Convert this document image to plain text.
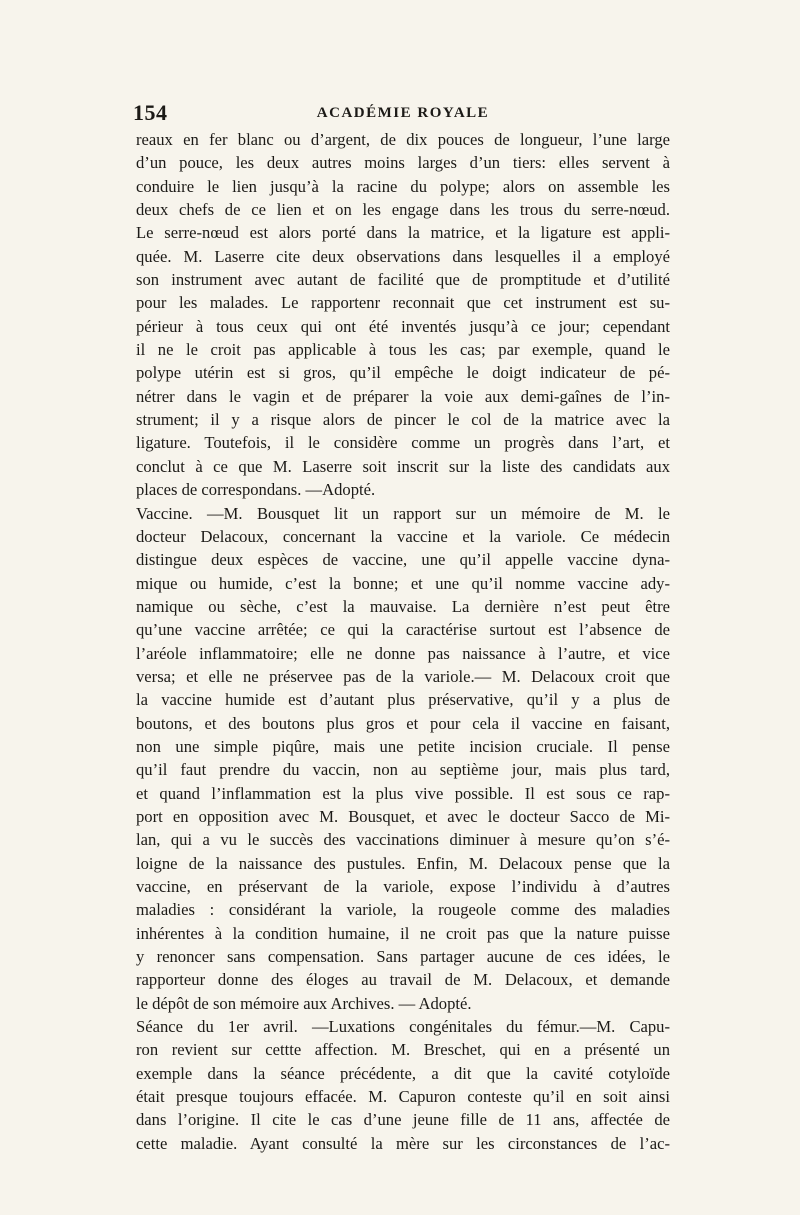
154	ACADÉMIE ROYALE
reaux en fer blanc ou d’argent, de dix pouces de longueur, l’une large
d’un pouce, les deux autres moins larges d’un tiers: elles servent à
conduire le lien jusqu’à la racine du polype; alors on assemble les
deux chefs de ce lien et on les engage dans les trous du serre-nœud.
Le serre-nœud est alors porté dans la matrice, et la ligature est appli-
quée. M. Laserre cite deux observations dans lesquelles il a employé
son instrument avec autant de facilité que de promptitude et d’utilité
pour les malades. Le rapportenr reconnait que cet instrument est su-
périeur à tous ceux qui ont été inventés jusqu’à ce jour; cependant
il ne le croit pas applicable à tous les cas; par exemple, quand le
polype utérin est si gros, qu’il empêche le doigt indicateur de pé-
nétrer dans le vagin et de préparer la voie aux demi-gaînes de l’in-
strument; il y a risque alors de pincer le col de la matrice avec la
ligature. Toutefois, il le considère comme un progrès dans l’art, et
conclut à ce que M. Laserre soit inscrit sur la liste des candidats aux
places de correspondans. —Adopté.
Vaccine. —M. Bousquet lit un rapport sur un mémoire de M. le
docteur Delacoux, concernant la vaccine et la variole. Ce médecin
distingue deux espèces de vaccine, une qu’il appelle vaccine dyna-
mique ou humide, c’est la bonne; et une qu’il nomme vaccine ady-
namique ou sèche, c’est la mauvaise. La dernière n’est peut être
qu’une vaccine arrêtée; ce qui la caractérise surtout est l’absence de
l’aréole inflammatoire; elle ne donne pas naissance à l’autre, et vice
versa; et elle ne préservee pas de la variole.— M. Delacoux croit que
la vaccine humide est d’autant plus préservative, qu’il y a plus de
boutons, et des boutons plus gros et pour cela il vaccine en faisant,
non une simple piqûre, mais une petite incision cruciale. Il pense
qu’il faut prendre du vaccin, non au septième jour, mais plus tard,
et quand l’inflammation est la plus vive possible. Il est sous ce rap-
port en opposition avec M. Bousquet, et avec le docteur Sacco de Mi-
lan, qui a vu le succès des vaccinations diminuer à mesure qu’on s’é-
loigne de la naissance des pustules. Enfin, M. Delacoux pense que la
vaccine, en préservant de la variole, expose l’individu à d’autres
maladies : considérant la variole, la rougeole comme des maladies
inhérentes à la condition humaine, il ne croit pas que la nature puisse
y renoncer sans compensation. Sans partager aucune de ces idées, le
rapporteur donne des éloges au travail de M. Delacoux, et demande
le dépôt de son mémoire aux Archives. — Adopté.
Séance du 1er avril. —Luxations congénitales du fémur.—M. Capu-
ron revient sur cettte affection. M. Breschet, qui en a présenté un
exemple dans la séance précédente, a dit que la cavité cotyloïde
était presque toujours effacée. M. Capuron conteste qu’il en soit ainsi
dans l’origine. Il cite le cas d’une jeune fille de 11 ans, affectée de
cette maladie. Ayant consulté la mère sur les circonstances de l’ac-
